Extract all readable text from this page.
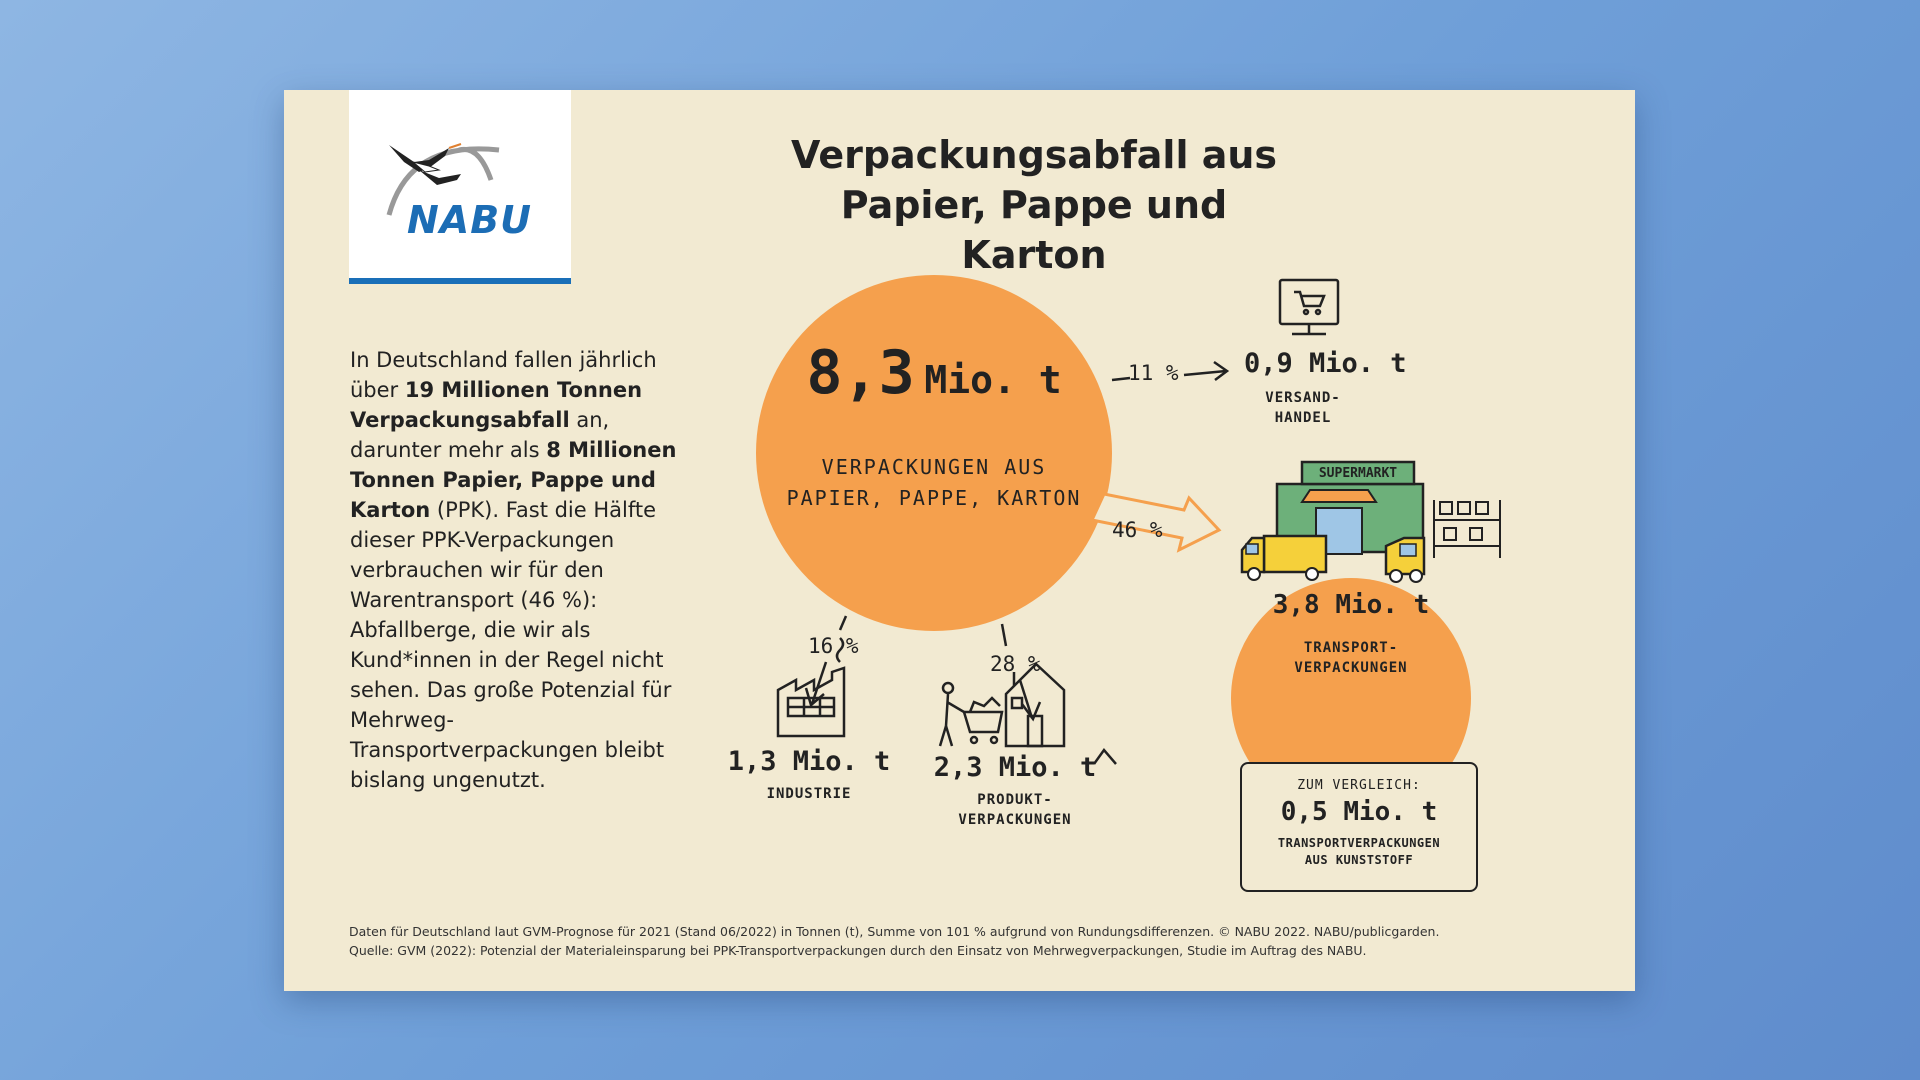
NABU
Verpackungsabfall aus
Papier, Pappe und Karton
In Deutschland fallen jährlich über 19 Millionen Tonnen Verpackungsabfall an, darunter mehr als 8 Millionen Tonnen Papier, Pappe und Karton (PPK). Fast die Hälfte dieser PPK-Verpackungen verbrauchen wir für den Warentransport (46 %): Abfallberge, die wir als Kund*innen in der Regel nicht sehen. Das große Potenzial für Mehrweg-Transportverpackungen bleibt bislang ungenutzt.
8,3 Mio. t
VERPACKUNGEN AUS
PAPIER, PAPPE, KARTON
11 % 0,9 Mio. t
VERSAND-
HANDEL
46 %
SUPERMARKT
3,8 Mio. t
TRANSPORT-
VERPACKUNGEN
16 %
1,3 Mio. t
INDUSTRIE
28 %
2,3 Mio. t
PRODUKT-
VERPACKUNGEN
ZUM VERGLEICH:
0,5 Mio. t
TRANSPORTVERPACKUNGEN
AUS KUNSTSTOFF
Daten für Deutschland laut GVM-Prognose für 2021 (Stand 06/2022) in Tonnen (t), Summe von 101 % aufgrund von Rundungsdifferenzen. © NABU 2022. NABU/publicgarden.
Quelle: GVM (2022): Potenzial der Materialeinsparung bei PPK-Transportverpackungen durch den Einsatz von Mehrwegverpackungen, Studie im Auftrag des NABU.
